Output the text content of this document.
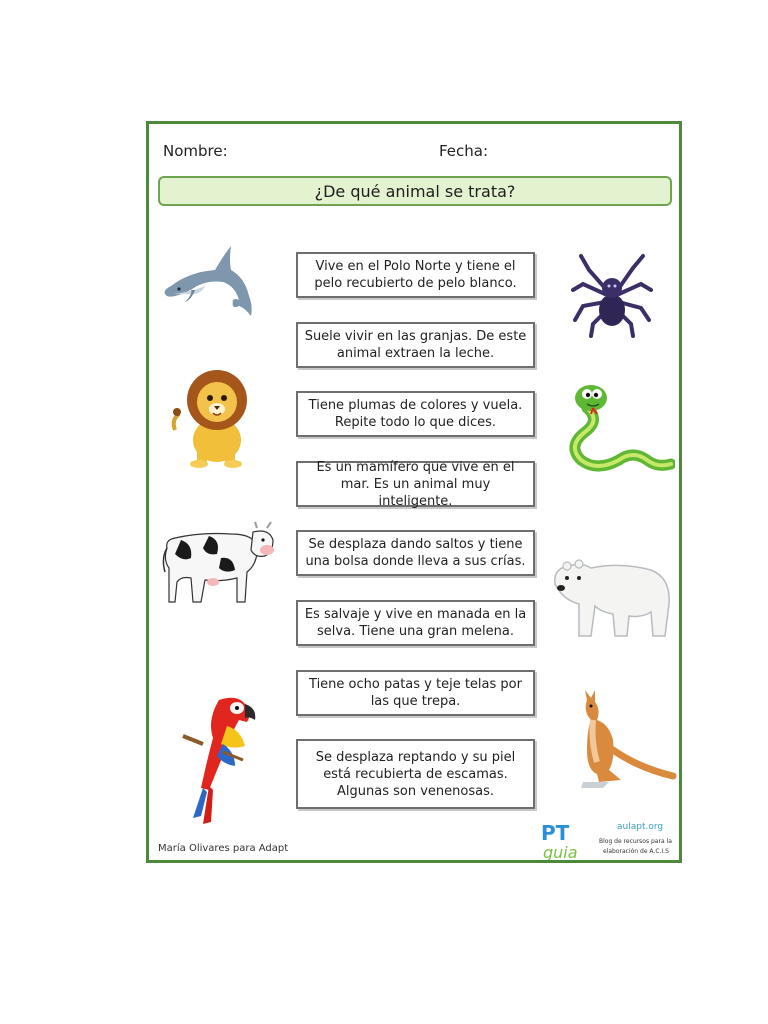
Nombre:	Fecha:
¿De qué animal se trata?
Vive en el Polo Norte y tiene el pelo recubierto de pelo blanco.
Suele vivir en las granjas. De este animal extraen la leche.
Tiene plumas de colores y vuela. Repite todo lo que dices.
Es un mamífero que vive en el mar. Es un animal muy inteligente.
Se desplaza dando saltos y tiene una bolsa donde lleva a sus crías.
Es salvaje y vive en manada en la selva. Tiene una gran melena.
Tiene ocho patas y teje telas por las que trepa.
Se desplaza reptando y su piel está recubierta de escamas. Algunas son venenosas.
María Olivares para Adapt
PT
guia
aulapt.org
Blog de recursos para la
elaboración de A.C.I.S
